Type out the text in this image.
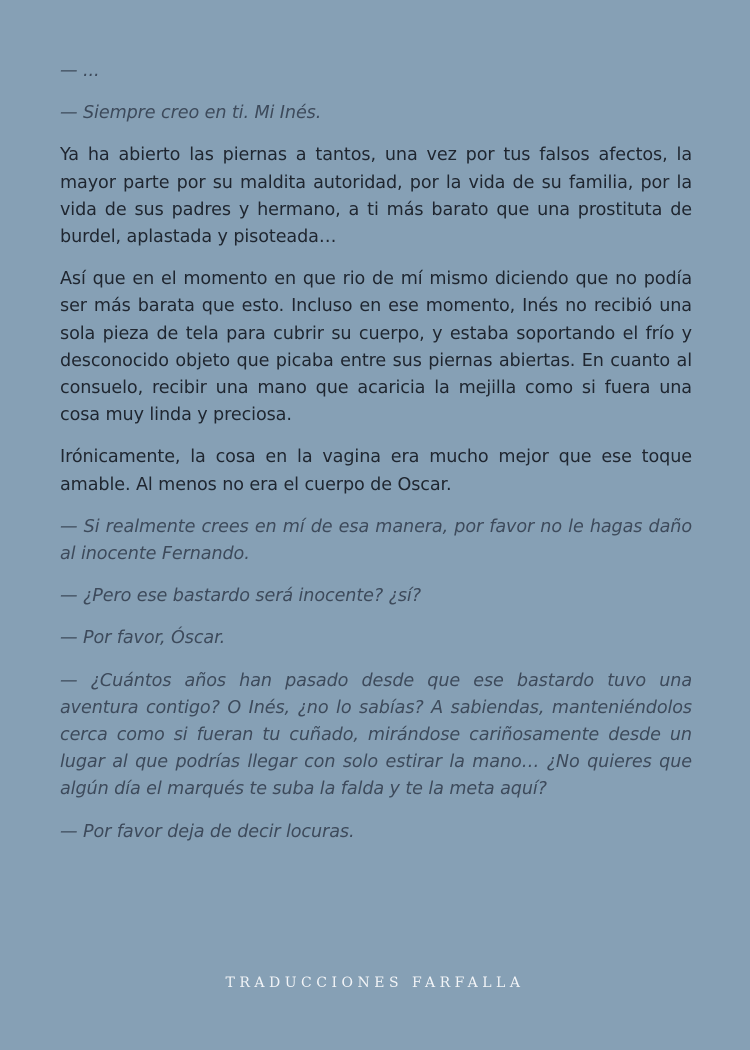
— ...

— Siempre creo en ti. Mi Inés.

Ya ha abierto las piernas a tantos, una vez por tus falsos afectos, la mayor parte por su maldita autoridad, por la vida de su familia, por la vida de sus padres y hermano, a ti más barato que una prostituta de burdel, aplastada y pisoteada…

Así que en el momento en que rio de mí mismo diciendo que no podía ser más barata que esto. Incluso en ese momento, Inés no recibió una sola pieza de tela para cubrir su cuerpo, y estaba soportando el frío y desconocido objeto que picaba entre sus piernas abiertas. En cuanto al consuelo, recibir una mano que acaricia la mejilla como si fuera una cosa muy linda y preciosa.

Irónicamente, la cosa en la vagina era mucho mejor que ese toque amable. Al menos no era el cuerpo de Oscar.

— Si realmente crees en mí de esa manera, por favor no le hagas daño al inocente Fernando.

— ¿Pero ese bastardo será inocente? ¿sí?

— Por favor, Óscar.

— ¿Cuántos años han pasado desde que ese bastardo tuvo una aventura contigo? O Inés, ¿no lo sabías? A sabiendas, manteniéndolos cerca como si fueran tu cuñado, mirándose cariñosamente desde un lugar al que podrías llegar con solo estirar la mano… ¿No quieres que algún día el marqués te suba la falda y te la meta aquí?

— Por favor deja de decir locuras.

TRADUCCIONES FARFALLA
